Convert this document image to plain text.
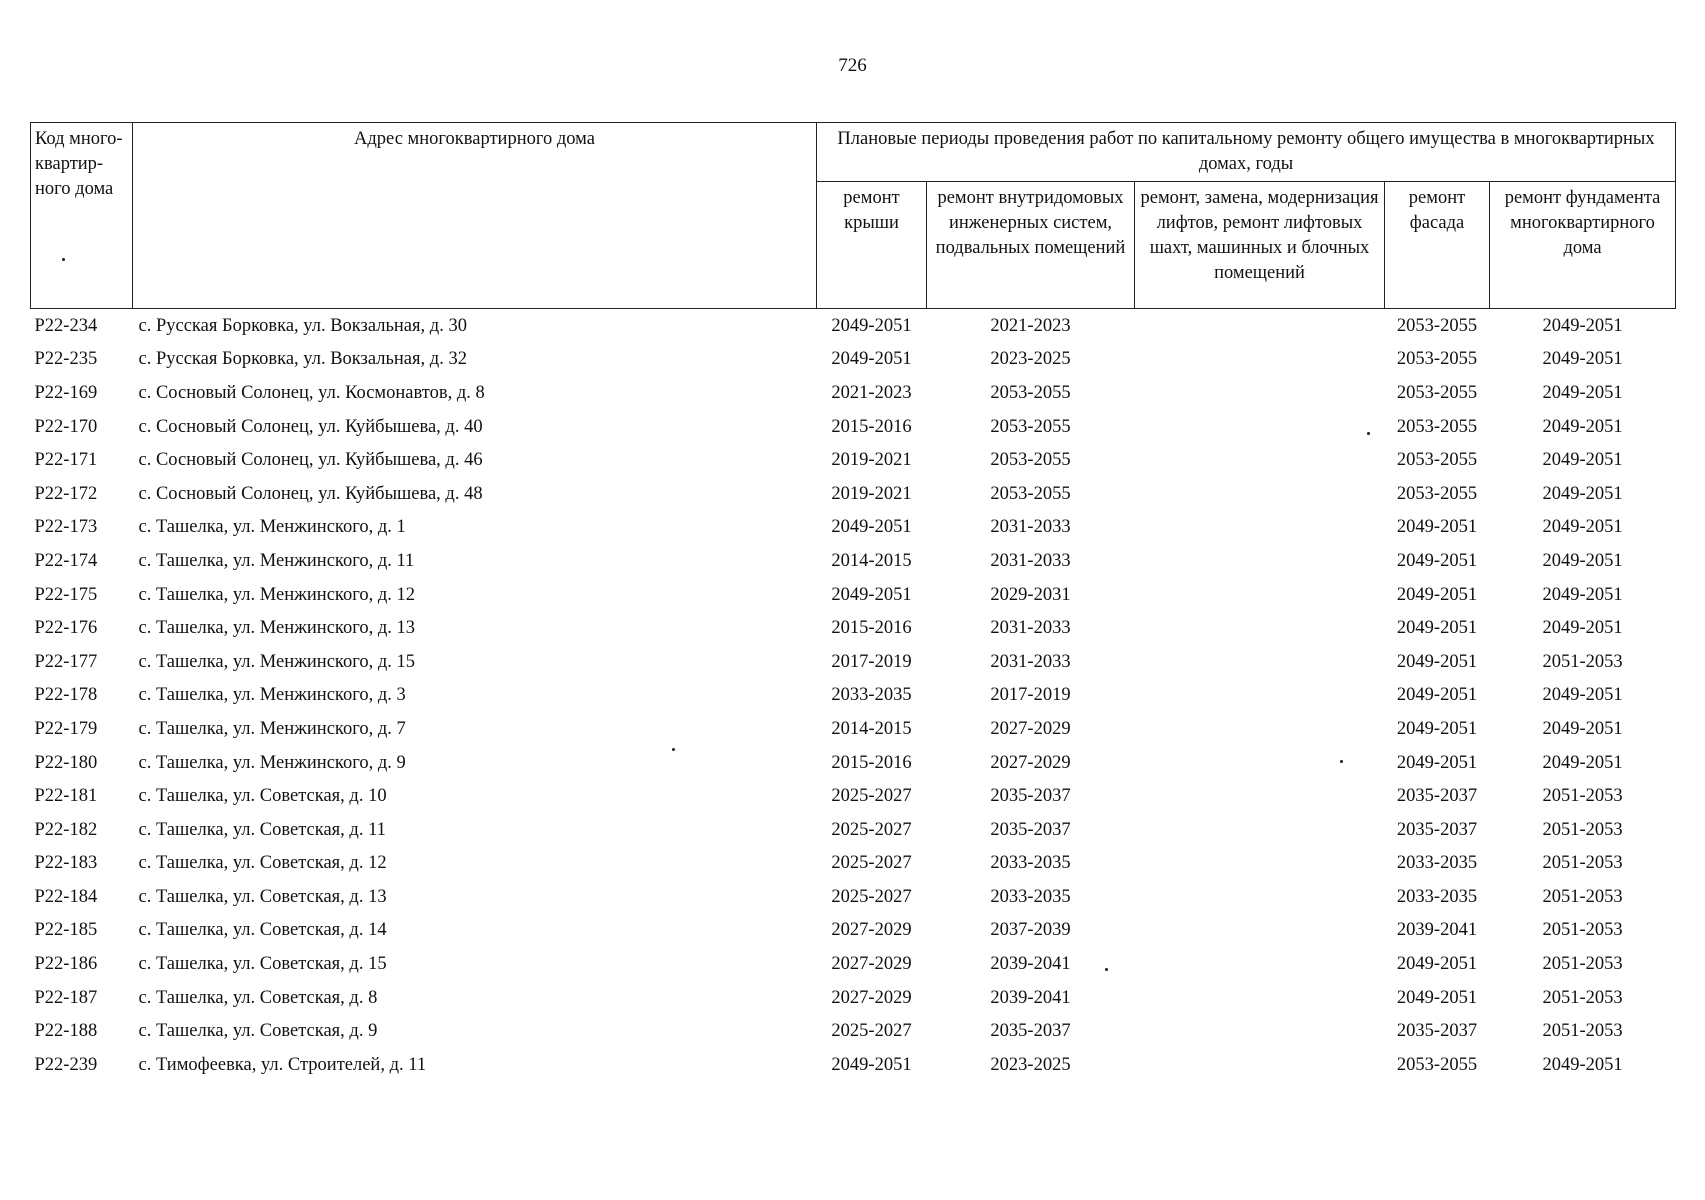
726
Код много-квартир-ного дома	Адрес многоквартирного дома	Плановые периоды проведения работ по капитальному ремонту общего имущества в многоквартирных домах, годы				
		ремонт крыши	ремонт внутридомовых инженерных систем, подвальных помещений	ремонт, замена, модернизация лифтов, ремонт лифтовых шахт, машинных и блочных помещений	ремонт фасада	ремонт фундамента многоквартирного дома
Р22-234	с. Русская Борковка, ул. Вокзальная, д. 30	2049-2051	2021-2023		2053-2055	2049-2051
Р22-235	с. Русская Борковка, ул. Вокзальная, д. 32	2049-2051	2023-2025		2053-2055	2049-2051
Р22-169	с. Сосновый Солонец, ул. Космонавтов, д. 8	2021-2023	2053-2055		2053-2055	2049-2051
Р22-170	с. Сосновый Солонец, ул. Куйбышева, д. 40	2015-2016	2053-2055		2053-2055	2049-2051
Р22-171	с. Сосновый Солонец, ул. Куйбышева, д. 46	2019-2021	2053-2055		2053-2055	2049-2051
Р22-172	с. Сосновый Солонец, ул. Куйбышева, д. 48	2019-2021	2053-2055		2053-2055	2049-2051
Р22-173	с. Ташелка, ул. Менжинского, д. 1	2049-2051	2031-2033		2049-2051	2049-2051
Р22-174	с. Ташелка, ул. Менжинского, д. 11	2014-2015	2031-2033		2049-2051	2049-2051
Р22-175	с. Ташелка, ул. Менжинского, д. 12	2049-2051	2029-2031		2049-2051	2049-2051
Р22-176	с. Ташелка, ул. Менжинского, д. 13	2015-2016	2031-2033		2049-2051	2049-2051
Р22-177	с. Ташелка, ул. Менжинского, д. 15	2017-2019	2031-2033		2049-2051	2051-2053
Р22-178	с. Ташелка, ул. Менжинского, д. 3	2033-2035	2017-2019		2049-2051	2049-2051
Р22-179	с. Ташелка, ул. Менжинского, д. 7	2014-2015	2027-2029		2049-2051	2049-2051
Р22-180	с. Ташелка, ул. Менжинского, д. 9	2015-2016	2027-2029		2049-2051	2049-2051
Р22-181	с. Ташелка, ул. Советская, д. 10	2025-2027	2035-2037		2035-2037	2051-2053
Р22-182	с. Ташелка, ул. Советская, д. 11	2025-2027	2035-2037		2035-2037	2051-2053
Р22-183	с. Ташелка, ул. Советская, д. 12	2025-2027	2033-2035		2033-2035	2051-2053
Р22-184	с. Ташелка, ул. Советская, д. 13	2025-2027	2033-2035		2033-2035	2051-2053
Р22-185	с. Ташелка, ул. Советская, д. 14	2027-2029	2037-2039		2039-2041	2051-2053
Р22-186	с. Ташелка, ул. Советская, д. 15	2027-2029	2039-2041		2049-2051	2051-2053
Р22-187	с. Ташелка, ул. Советская, д. 8	2027-2029	2039-2041		2049-2051	2051-2053
Р22-188	с. Ташелка, ул. Советская, д. 9	2025-2027	2035-2037		2035-2037	2051-2053
Р22-239	с. Тимофеевка, ул. Строителей, д. 11	2049-2051	2023-2025		2053-2055	2049-2051
